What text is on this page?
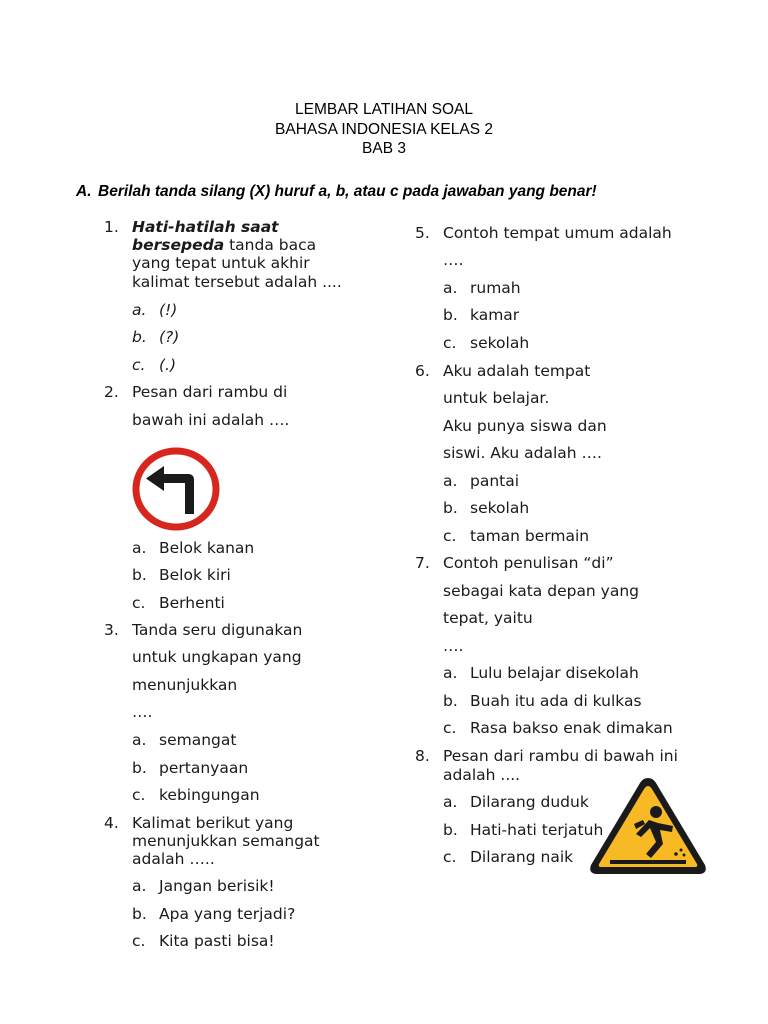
LEMBAR LATIHAN SOAL
BAHASA INDONESIA KELAS 2
BAB 3
A. Berilah tanda silang (X) huruf a, b, atau c pada jawaban yang benar!
1. Hati-hatilah saat
bersepeda tanda baca
yang tepat untuk akhir
kalimat tersebut adalah ....
a. (!)
b. (?)
c. (.)
2. Pesan dari rambu di
bawah ini adalah ….
a. Belok kanan
b. Belok kiri
c. Berhenti
3. Tanda seru digunakan
untuk ungkapan yang
menunjukkan
….
a. semangat
b. pertanyaan
c. kebingungan
4. Kalimat berikut yang
menunjukkan semangat
adalah …..
a. Jangan berisik!
b. Apa yang terjadi?
c. Kita pasti bisa!
5. Contoh tempat umum adalah
….
a. rumah
b. kamar
c. sekolah
6. Aku adalah tempat
untuk belajar.
Aku punya siswa dan
siswi. Aku adalah ….
a. pantai
b. sekolah
c. taman bermain
7. Contoh penulisan “di”
sebagai kata depan yang
tepat, yaitu
….
a. Lulu belajar disekolah
b. Buah itu ada di kulkas
c. Rasa bakso enak dimakan
8. Pesan dari rambu di bawah ini
adalah ....
a. Dilarang duduk
b. Hati-hati terjatuh
c. Dilarang naik
